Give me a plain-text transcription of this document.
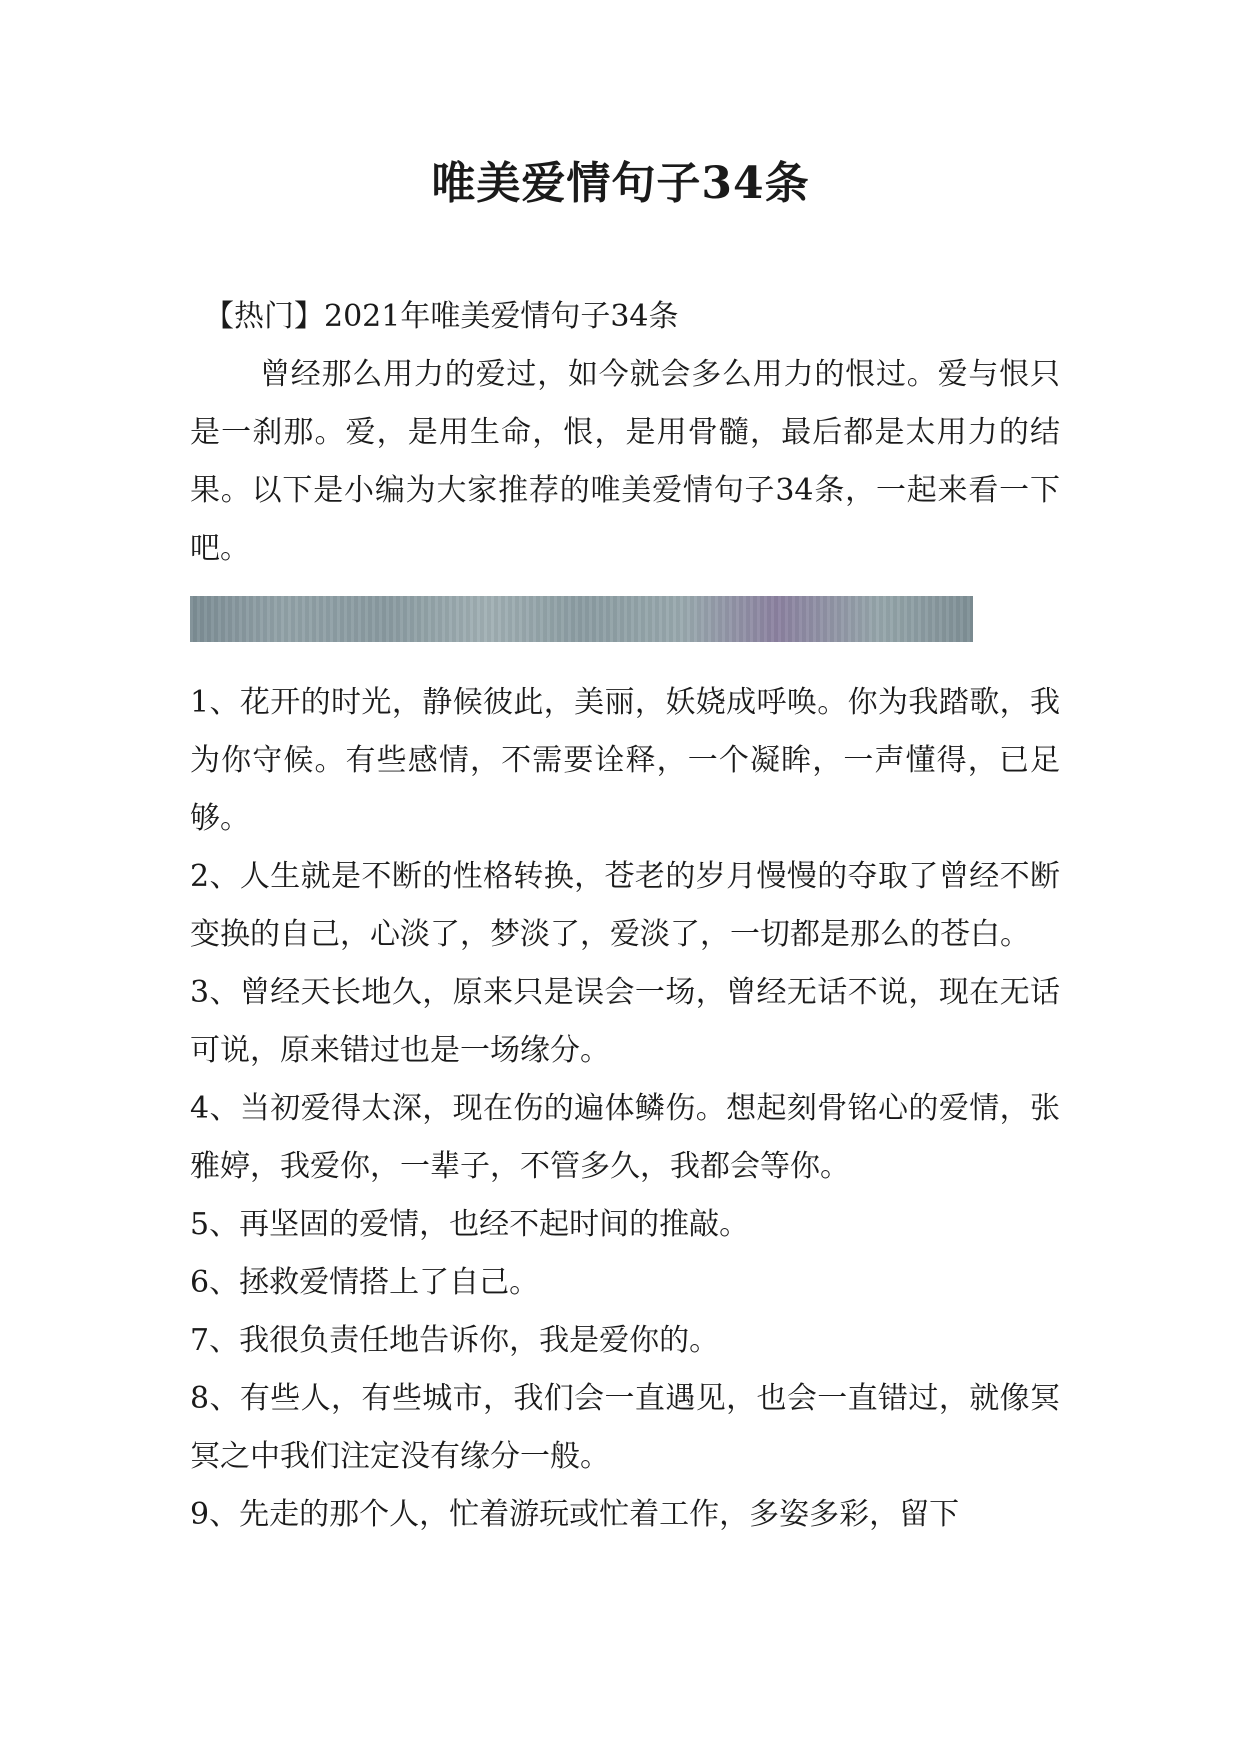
唯美爱情句子34条

【热门】2021年唯美爱情句子34条

曾经那么用力的爱过，如今就会多么用力的恨过。爱与恨只是一刹那。爱，是用生命，恨，是用骨髓，最后都是太用力的结果。以下是小编为大家推荐的唯美爱情句子34条，一起来看一下吧。

1、花开的时光，静候彼此，美丽，妖娆成呼唤。你为我踏歌，我为你守候。有些感情，不需要诠释，一个凝眸，一声懂得，已足够。

2、人生就是不断的性格转换，苍老的岁月慢慢的夺取了曾经不断变换的自己，心淡了，梦淡了，爱淡了，一切都是那么的苍白。

3、曾经天长地久，原来只是误会一场，曾经无话不说，现在无话可说，原来错过也是一场缘分。

4、当初爱得太深，现在伤的遍体鳞伤。想起刻骨铭心的爱情，张雅婷，我爱你，一辈子，不管多久，我都会等你。

5、再坚固的爱情，也经不起时间的推敲。

6、拯救爱情搭上了自己。

7、我很负责任地告诉你，我是爱你的。

8、有些人，有些城市，我们会一直遇见，也会一直错过，就像冥冥之中我们注定没有缘分一般。

9、先走的那个人，忙着游玩或忙着工作，多姿多彩，留下
